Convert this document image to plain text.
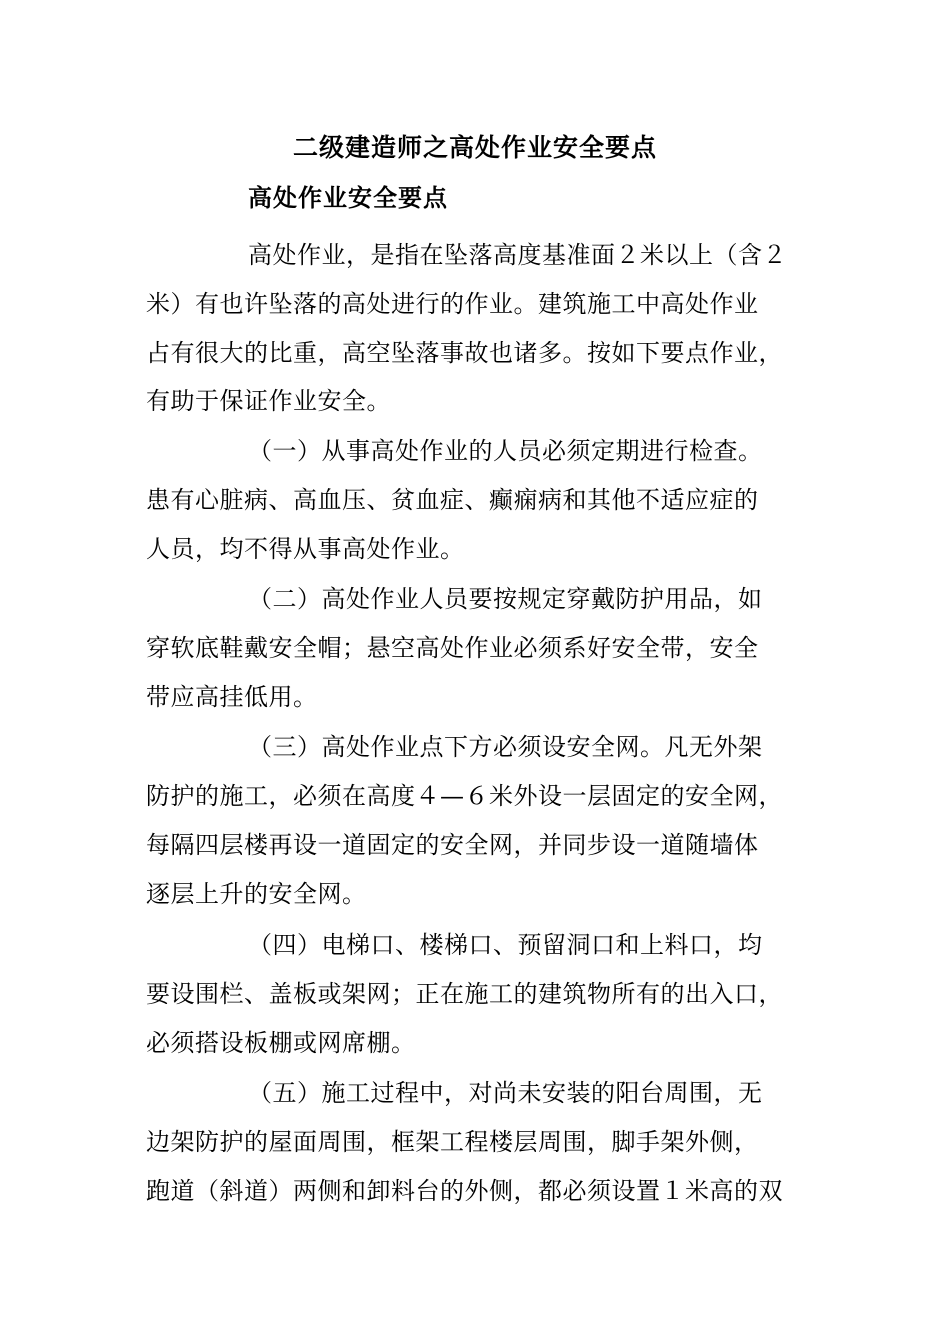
二级建造师之高处作业安全要点
高处作业安全要点
高处作业，是指在坠落高度基准面２米以上（含２
米）有也许坠落的高处进行的作业。建筑施工中高处作业
占有很大的比重，高空坠落事故也诸多。按如下要点作业，
有助于保证作业安全。
（一）从事高处作业的人员必须定期进行检查。
患有心脏病、高血压、贫血症、癫痫病和其他不适应症的
人员，均不得从事高处作业。
（二）高处作业人员要按规定穿戴防护用品，如
穿软底鞋戴安全帽；悬空高处作业必须系好安全带，安全
带应高挂低用。
（三）高处作业点下方必须设安全网。凡无外架
防护的施工，必须在高度４—６米外设一层固定的安全网，
每隔四层楼再设一道固定的安全网，并同步设一道随墙体
逐层上升的安全网。
（四）电梯口、楼梯口、预留洞口和上料口，均
要设围栏、盖板或架网；正在施工的建筑物所有的出入口，
必须搭设板棚或网席棚。
（五）施工过程中，对尚未安装的阳台周围，无
边架防护的屋面周围，框架工程楼层周围，脚手架外侧，
跑道（斜道）两侧和卸料台的外侧，都必须设置１米高的双
